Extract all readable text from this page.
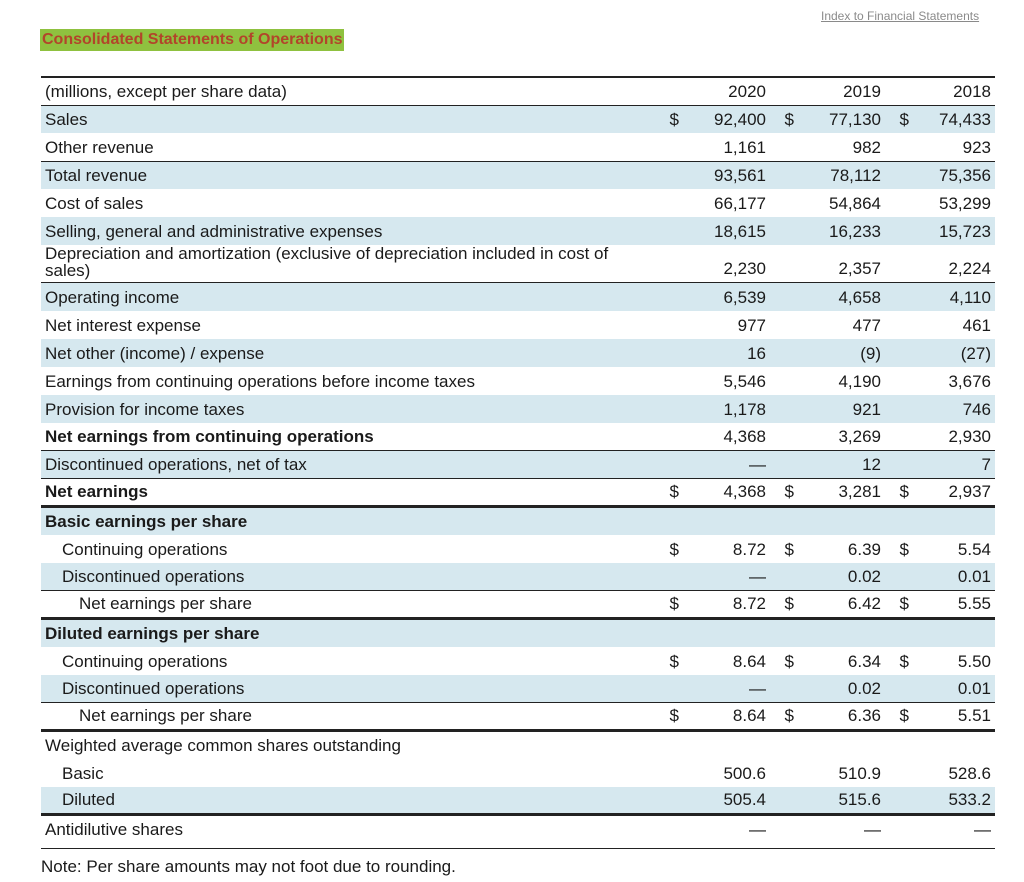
Index to Financial Statements
Consolidated Statements of Operations
(millions, except per share data)		2020		2019		2018
Sales	$	92,400	$	77,130	$	74,433
Other revenue		1,161		982		923
Total revenue		93,561		78,112		75,356
Cost of sales		66,177		54,864		53,299
Selling, general and administrative expenses		18,615		16,233		15,723
Depreciation and amortization (exclusive of depreciation included in cost of sales)		2,230		2,357		2,224
Operating income		6,539		4,658		4,110
Net interest expense		977		477		461
Net other (income) / expense		16		(9)		(27)
Earnings from continuing operations before income taxes		5,546		4,190		3,676
Provision for income taxes		1,178		921		746
Net earnings from continuing operations		4,368		3,269		2,930
Discontinued operations, net of tax		—		12		7
Net earnings	$	4,368	$	3,281	$	2,937
Basic earnings per share						
Continuing operations	$	8.72	$	6.39	$	5.54
Discontinued operations		—		0.02		0.01
Net earnings per share	$	8.72	$	6.42	$	5.55
Diluted earnings per share						
Continuing operations	$	8.64	$	6.34	$	5.50
Discontinued operations		—		0.02		0.01
Net earnings per share	$	8.64	$	6.36	$	5.51
Weighted average common shares outstanding						
Basic		500.6		510.9		528.6
Diluted		505.4		515.6		533.2
Antidilutive shares		—		—		—
Note: Per share amounts may not foot due to rounding.
